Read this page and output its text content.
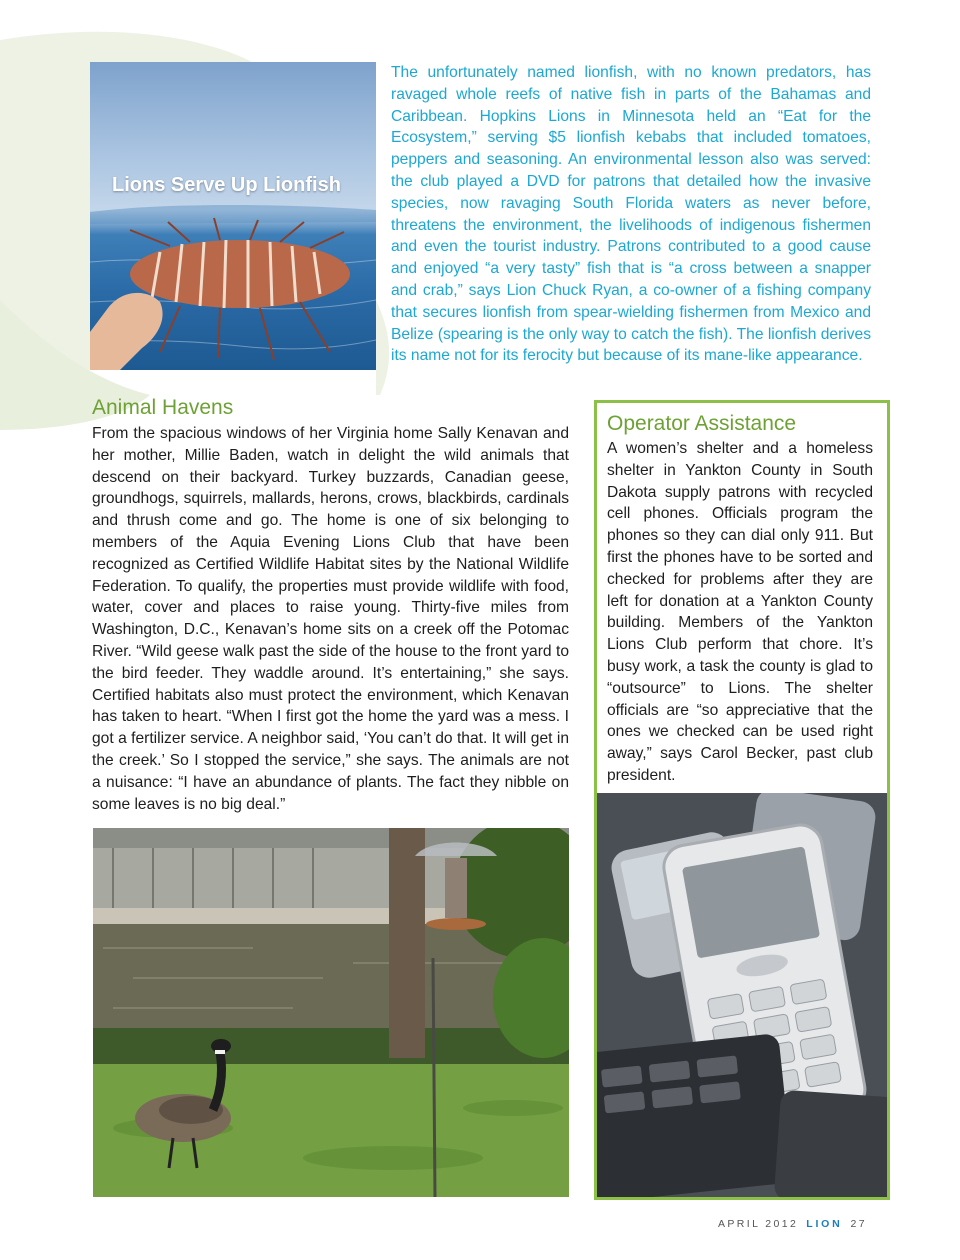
Lions Serve Up Lionfish

The unfortunately named lionfish, with no known predators, has ravaged whole reefs of native fish in parts of the Bahamas and Caribbean. Hopkins Lions in Minnesota held an “Eat for the Ecosystem,” serving $5 lionfish kebabs that included tomatoes, peppers and seasoning. An environmental lesson also was served: the club played a DVD for patrons that detailed how the invasive species, now ravaging South Florida waters as never before, threatens the environment, the livelihoods of indigenous fishermen and even the tourist industry. Patrons contributed to a good cause and enjoyed “a very tasty” fish that is “a cross between a snapper and crab,” says Lion Chuck Ryan, a co-owner of a fishing company that secures lionfish from spear-wielding fishermen from Mexico and Belize (spearing is the only way to catch the fish). The lionfish derives its name not for its ferocity but because of its mane-like appearance.

Animal Havens

From the spacious windows of her Virginia home Sally Kenavan and her mother, Millie Baden, watch in delight the wild animals that descend on their backyard. Turkey buzzards, Canadian geese, groundhogs, squirrels, mallards, herons, crows, blackbirds, cardinals and thrush come and go. The home is one of six belonging to members of the Aquia Evening Lions Club that have been recognized as Certified Wildlife Habitat sites by the National Wildlife Federation. To qualify, the properties must provide wildlife with food, water, cover and places to raise young. Thirty-five miles from Washington, D.C., Kenavan’s home sits on a creek off the Potomac River. “Wild geese walk past the side of the house to the front yard to the bird feeder. They waddle around. It’s entertaining,” she says. Certified habitats also must protect the environment, which Kenavan has taken to heart. “When I first got the home the yard was a mess. I got a fertilizer service. A neighbor said, ‘You can’t do that. It will get in the creek.’ So I stopped the service,” she says. The animals are not a nuisance: “I have an abundance of plants. The fact they nibble on some leaves is no big deal.”

Operator Assistance

A women’s shelter and a homeless shelter in Yankton County in South Dakota supply patrons with recycled cell phones. Officials program the phones so they can dial only 911. But first the phones have to be sorted and checked for problems after they are left for donation at a Yankton County building. Members of the Yankton Lions Club perform that chore. It’s busy work, a task the county is glad to “outsource” to Lions. The shelter officials are “so appreciative that the ones we checked can be used right away,” says Carol Becker, past club president.

APRIL 2012 LION 27
